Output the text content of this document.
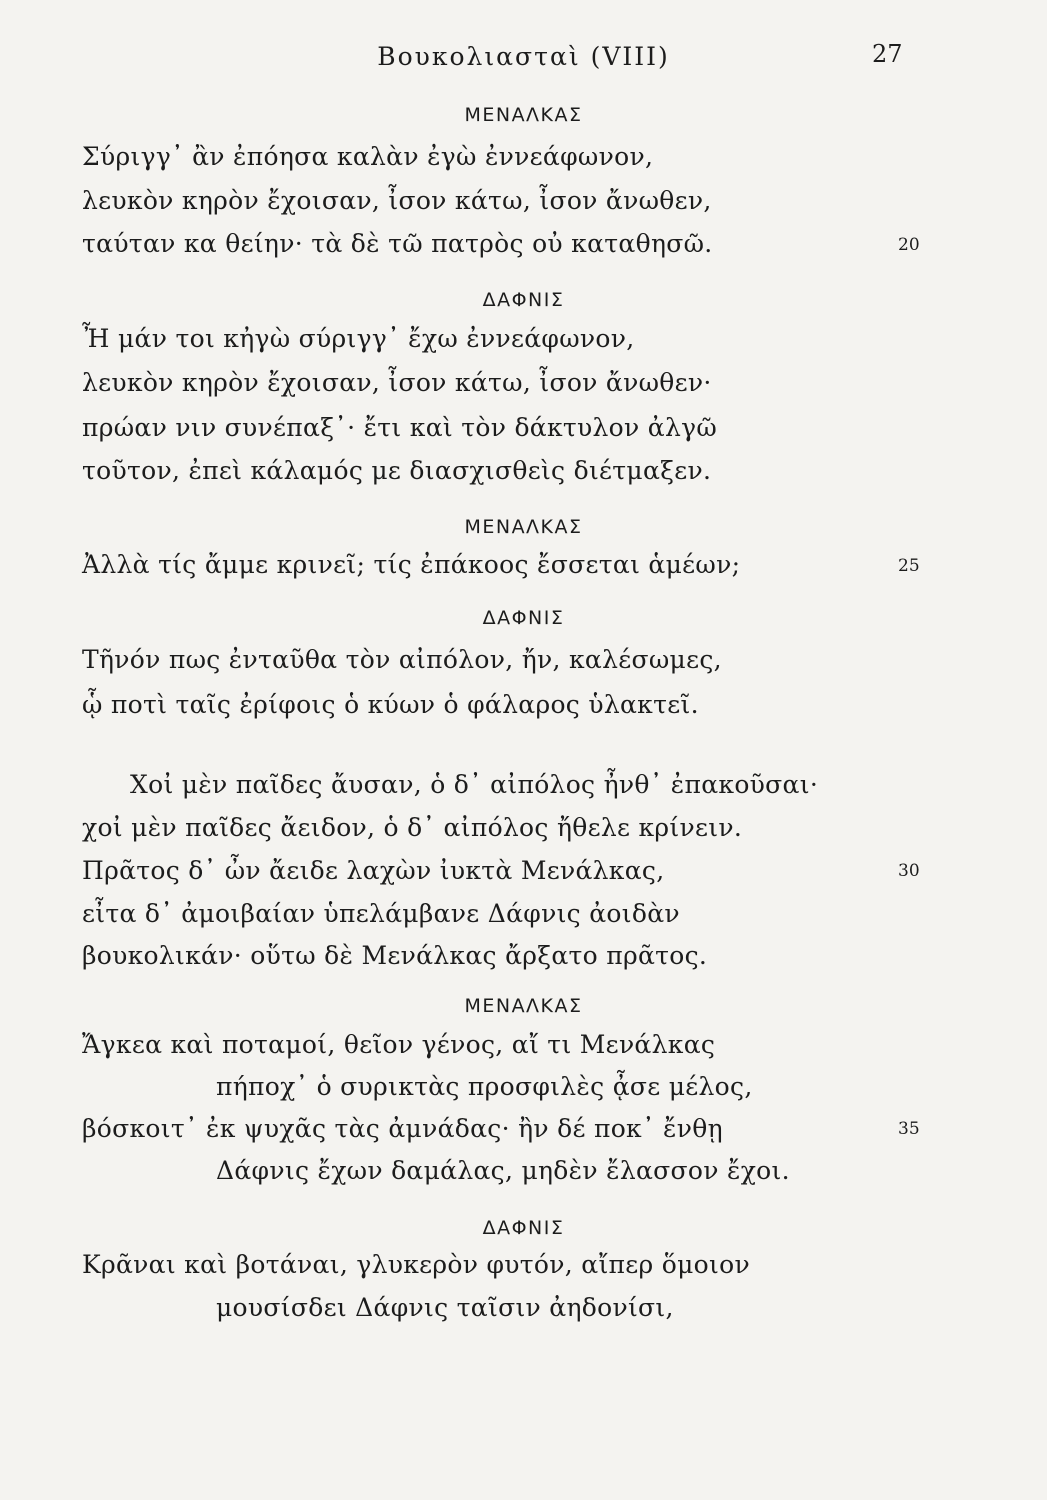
Βουκολιασταὶ (VIII)	27
ΜΕΝΑΛΚΑΣ
Σύριγγ᾽ ἂν ἐπόησα καλὰν ἐγὼ ἐννεάφωνον,
λευκὸν κηρὸν ἔχοισαν, ἶσον κάτω, ἶσον ἄνωθεν,
ταύταν κα θείην· τὰ δὲ τῶ πατρὸς οὐ καταθησῶ.	20
ΔΑΦΝΙΣ
Ἦ μάν τοι κἠγὼ σύριγγ᾽ ἔχω ἐννεάφωνον,
λευκὸν κηρὸν ἔχοισαν, ἶσον κάτω, ἶσον ἄνωθεν·
πρώαν νιν συνέπαξ᾽· ἔτι καὶ τὸν δάκτυλον ἀλγῶ
τοῦτον, ἐπεὶ κάλαμός με διασχισθεὶς διέτμαξεν.
ΜΕΝΑΛΚΑΣ
Ἀλλὰ τίς ἄμμε κρινεῖ; τίς ἐπάκοος ἔσσεται ἁμέων;	25
ΔΑΦΝΙΣ
Τῆνόν πως ἐνταῦθα τὸν αἰπόλον, ἤν, καλέσωμες,
ᾧ ποτὶ ταῖς ἐρίφοις ὁ κύων ὁ φάλαρος ὑλακτεῖ.
Χοἰ μὲν παῖδες ἄυσαν, ὁ δ᾽ αἰπόλος ἦνθ᾽ ἐπακοῦσαι·
χοἰ μὲν παῖδες ἄειδον, ὁ δ᾽ αἰπόλος ἤθελε κρίνειν.
Πρᾶτος δ᾽ ὦν ἄειδε λαχὼν ἰυκτὰ Μενάλκας,	30
εἶτα δ᾽ ἀμοιβαίαν ὑπελάμβανε Δάφνις ἀοιδὰν
βουκολικάν· οὕτω δὲ Μενάλκας ἄρξατο πρᾶτος.
ΜΕΝΑΛΚΑΣ
Ἄγκεα καὶ ποταμοί, θεῖον γένος, αἴ τι Μενάλκας
πήποχ᾽ ὁ συρικτὰς προσφιλὲς ᾆσε μέλος,
βόσκοιτ᾽ ἐκ ψυχᾶς τὰς ἀμνάδας· ἢν δέ ποκ᾽ ἔνθῃ	35
Δάφνις ἔχων δαμάλας, μηδὲν ἔλασσον ἔχοι.
ΔΑΦΝΙΣ
Κρᾶναι καὶ βοτάναι, γλυκερὸν φυτόν, αἴπερ ὅμοιον
μουσίσδει Δάφνις ταῖσιν ἀηδονίσι,
